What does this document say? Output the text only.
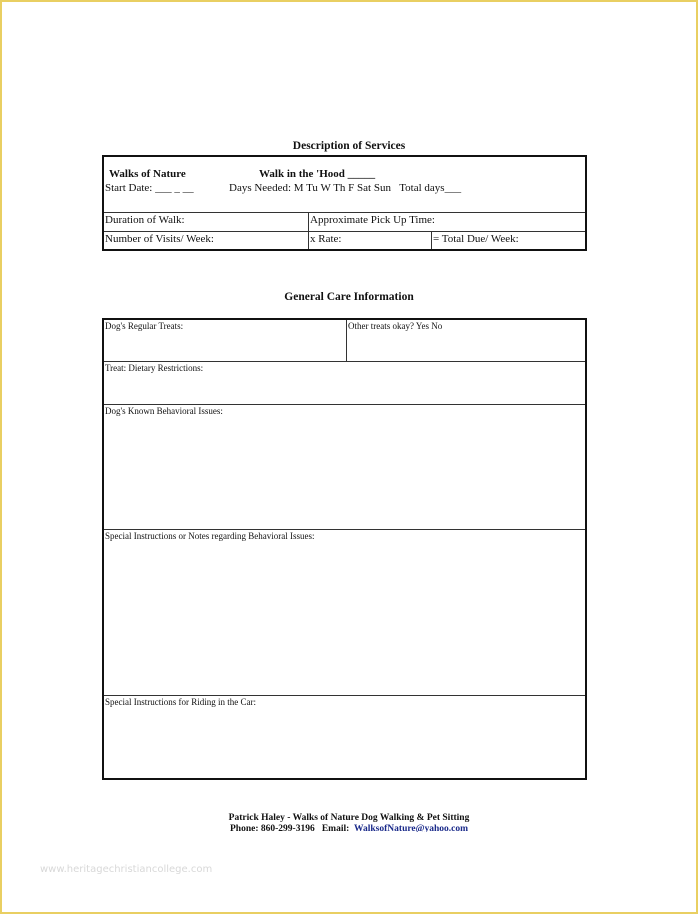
Description of Services
Walks of Nature Walk in the 'Hood _____
Start Date: ___ _ __ Days Needed: M Tu W Th F Sat Sun Total days___		

Duration of Walk:	Approximate Pick Up Time:	
Number of Visits/ Week:	x Rate:	= Total Due/ Week:
General Care Information
Dog's Regular Treats:	Other treats okay? Yes No
Treat: Dietary Restrictions:
Dog's Known Behavioral Issues:
Special Instructions or Notes regarding Behavioral Issues:
Special Instructions for Riding in the Car:
Patrick Haley - Walks of Nature Dog Walking & Pet Sitting
Phone: 860-299-3196 Email: WalksofNature@yahoo.com
www.heritagechristiancollege.com
